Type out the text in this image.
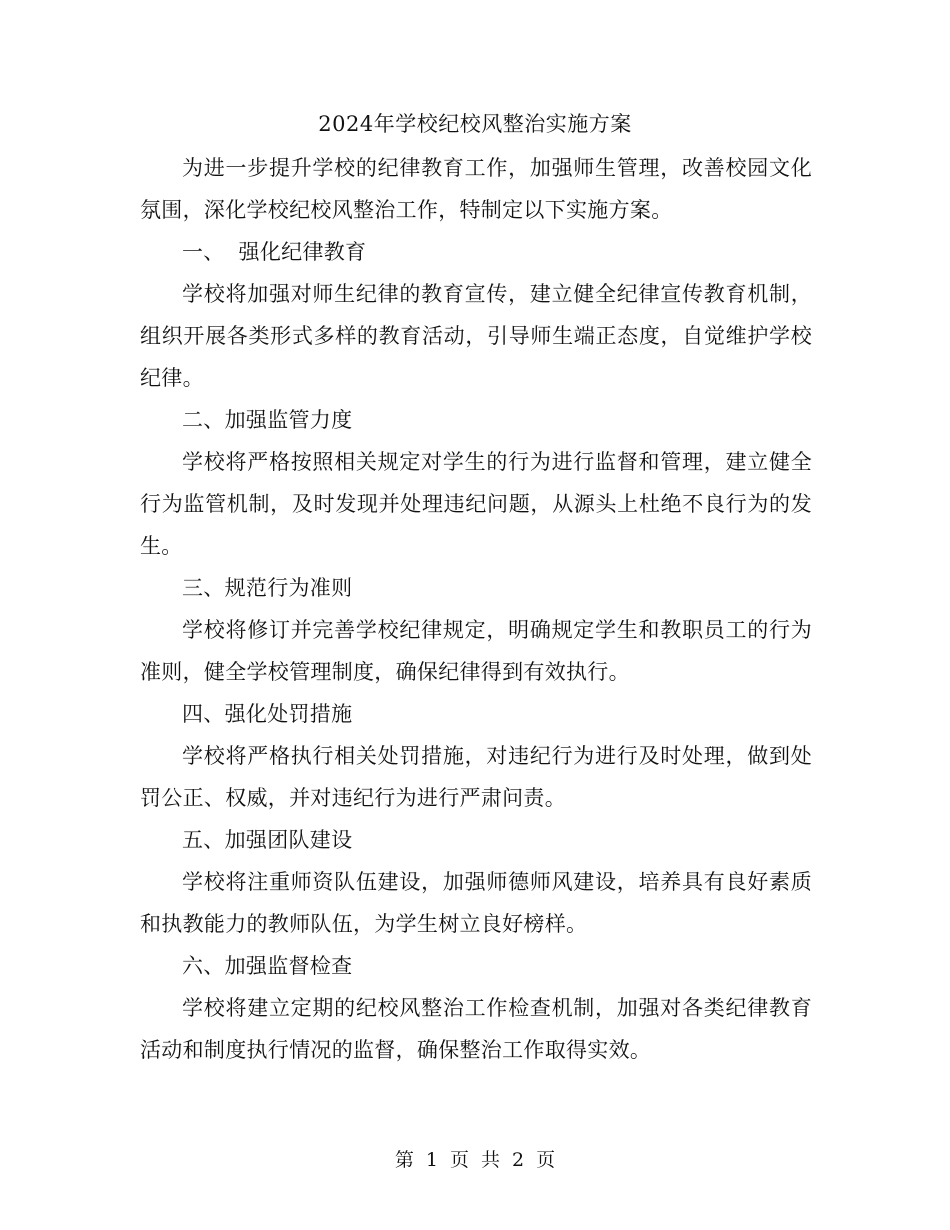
2024年学校纪校风整治实施方案

为进一步提升学校的纪律教育工作，加强师生管理，改善校园文化氛围，深化学校纪校风整治工作，特制定以下实施方案。

一、  强化纪律教育

学校将加强对师生纪律的教育宣传，建立健全纪律宣传教育机制，组织开展各类形式多样的教育活动，引导师生端正态度，自觉维护学校纪律。

二、加强监管力度

学校将严格按照相关规定对学生的行为进行监督和管理，建立健全行为监管机制，及时发现并处理违纪问题，从源头上杜绝不良行为的发生。

三、规范行为准则

学校将修订并完善学校纪律规定，明确规定学生和教职员工的行为准则，健全学校管理制度，确保纪律得到有效执行。

四、强化处罚措施

学校将严格执行相关处罚措施，对违纪行为进行及时处理，做到处罚公正、权威，并对违纪行为进行严肃问责。

五、加强团队建设

学校将注重师资队伍建设，加强师德师风建设，培养具有良好素质和执教能力的教师队伍，为学生树立良好榜样。

六、加强监督检查

学校将建立定期的纪校风整治工作检查机制，加强对各类纪律教育活动和制度执行情况的监督，确保整治工作取得实效。

第 1 页 共 2 页
